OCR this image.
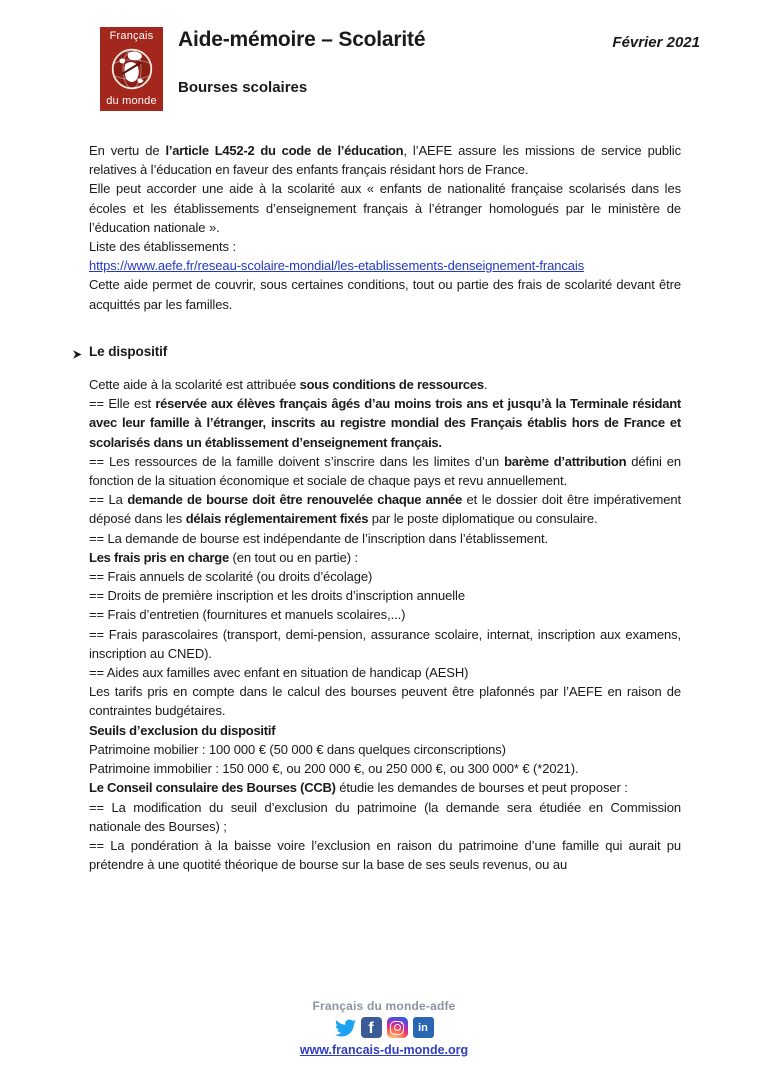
Français
du monde
Aide-mémoire – Scolarité	Février 2021
Bourses scolaires

En vertu de l’article L452-2 du code de l’éducation, l’AEFE assure les missions de service public relatives à l’éducation en faveur des enfants français résidant hors de France.

Elle peut accorder une aide à la scolarité aux « enfants de nationalité française scolarisés dans les écoles et les établissements d’enseignement français à l’étranger homologués par le ministère de l’éducation nationale ».

Liste des établissements :

https://www.aefe.fr/reseau-scolaire-mondial/les-etablissements-denseignement-francais

Cette aide permet de couvrir, sous certaines conditions, tout ou partie des frais de scolarité devant être acquittés par les familles.

Le dispositif

Cette aide à la scolarité est attribuée sous conditions de ressources.

== Elle est réservée aux élèves français âgés d’au moins trois ans et jusqu’à la Terminale résidant avec leur famille à l’étranger, inscrits au registre mondial des Français établis hors de France et scolarisés dans un établissement d’enseignement français.

== Les ressources de la famille doivent s’inscrire dans les limites d’un barème d’attribution défini en fonction de la situation économique et sociale de chaque pays et revu annuellement.

== La demande de bourse doit être renouvelée chaque année et le dossier doit être impérativement déposé dans les délais réglementairement fixés par le poste diplomatique ou consulaire.

== La demande de bourse est indépendante de l’inscription dans l’établissement.

Les frais pris en charge (en tout ou en partie) :

== Frais annuels de scolarité (ou droits d’écolage)

== Droits de première inscription et les droits d’inscription annuelle

== Frais d’entretien (fournitures et manuels scolaires,...)

== Frais parascolaires (transport, demi-pension, assurance scolaire, internat, inscription aux examens, inscription au CNED).

== Aides aux familles avec enfant en situation de handicap (AESH)

Les tarifs pris en compte dans le calcul des bourses peuvent être plafonnés par l’AEFE en raison de contraintes budgétaires.

Seuils d’exclusion du dispositif

Patrimoine mobilier : 100 000 € (50 000 € dans quelques circonscriptions)

Patrimoine immobilier : 150 000 €, ou 200 000 €, ou 250 000 €, ou 300 000* € (*2021).

Le Conseil consulaire des Bourses (CCB) étudie les demandes de bourses et peut proposer :

== La modification du seuil d’exclusion du patrimoine (la demande sera étudiée en Commission nationale des Bourses) ;

== La pondération à la baisse voire l’exclusion en raison du patrimoine d’une famille qui aurait pu prétendre à une quotité théorique de bourse sur la base de ses seuls revenus, ou au

Français du monde-adfe
f	in
www.francais-du-monde.org
